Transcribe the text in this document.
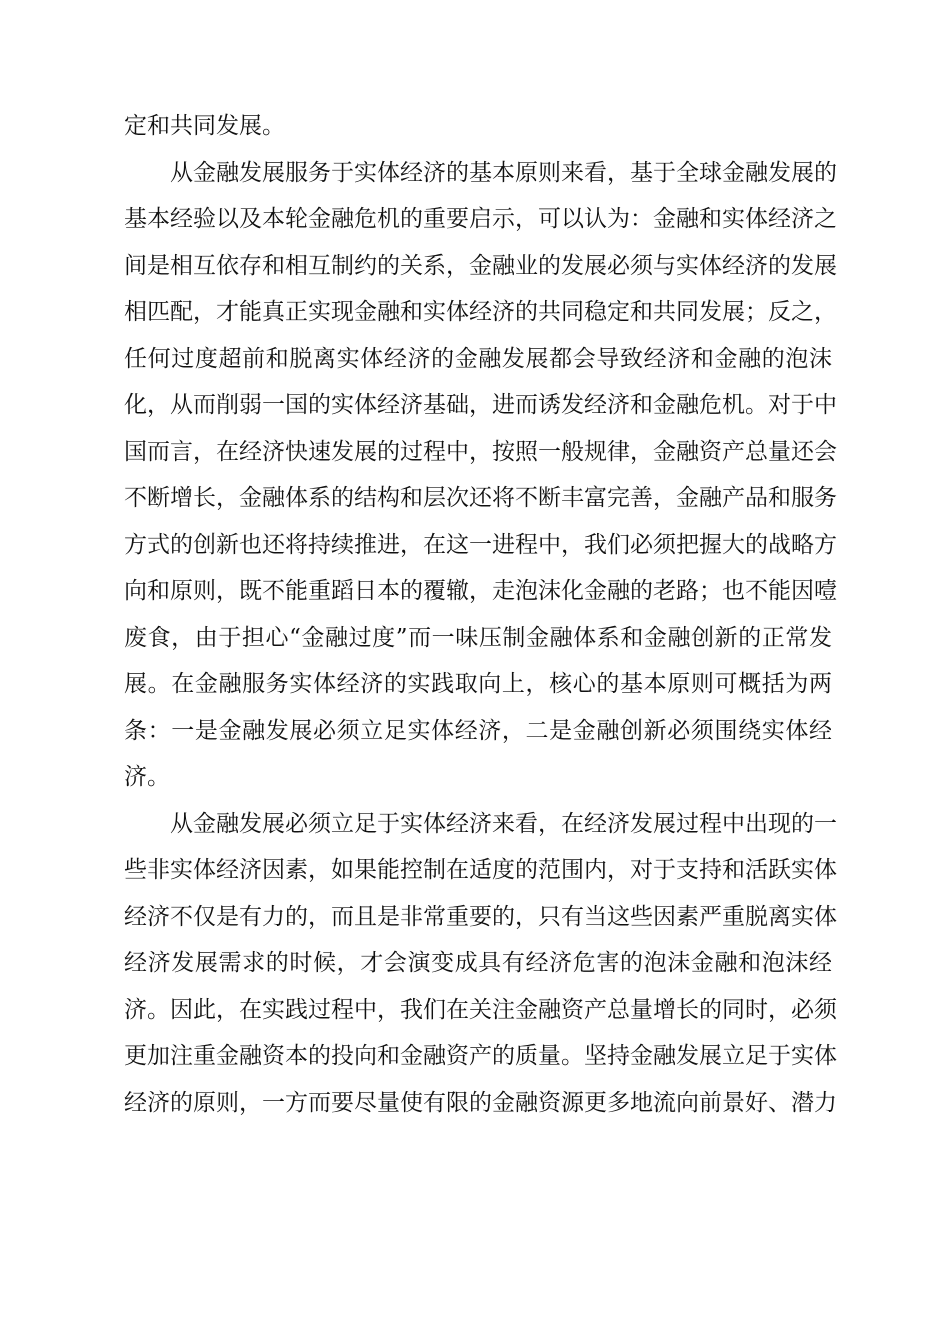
定和共同发展。
从金融发展服务于实体经济的基本原则来看，基于全球金融发展的
基本经验以及本轮金融危机的重要启示，可以认为：金融和实体经济之
间是相互依存和相互制约的关系，金融业的发展必须与实体经济的发展
相匹配，才能真正实现金融和实体经济的共同稳定和共同发展；反之，
任何过度超前和脱离实体经济的金融发展都会导致经济和金融的泡沫
化，从而削弱一国的实体经济基础，进而诱发经济和金融危机。对于中
国而言，在经济快速发展的过程中，按照一般规律，金融资产总量还会
不断增长，金融体系的结构和层次还将不断丰富完善，金融产品和服务
方式的创新也还将持续推进，在这一进程中，我们必须把握大的战略方
向和原则，既不能重蹈日本的覆辙，走泡沫化金融的老路；也不能因噎
废食，由于担心“金融过度”而一味压制金融体系和金融创新的正常发
展。在金融服务实体经济的实践取向上，核心的基本原则可概括为两
条：一是金融发展必须立足实体经济，二是金融创新必须围绕实体经
济。
从金融发展必须立足于实体经济来看，在经济发展过程中出现的一
些非实体经济因素，如果能控制在适度的范围内，对于支持和活跃实体
经济不仅是有力的，而且是非常重要的，只有当这些因素严重脱离实体
经济发展需求的时候，才会演变成具有经济危害的泡沫金融和泡沫经
济。因此，在实践过程中，我们在关注金融资产总量增长的同时，必须
更加注重金融资本的投向和金融资产的质量。坚持金融发展立足于实体
经济的原则，一方而要尽量使有限的金融资源更多地流向前景好、潜力
